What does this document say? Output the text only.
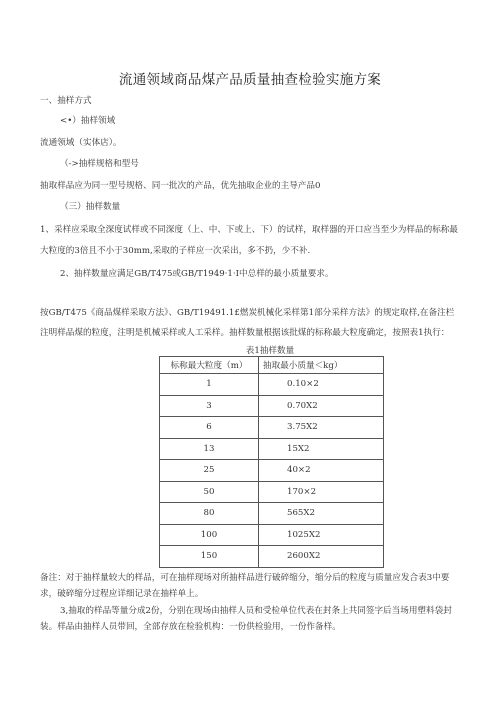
流通领域商品煤产品质量抽查检验实施方案
一、抽样方式
<•）抽样领域
流通领域（实体店）。
（->抽样规格和型号
抽取样品应为同一型号规格、同一批次的产品，优先抽取企业的主导产品0
（三）抽样数量
1、采样应采取全深度试样或不同深度（上、中、下或上、下）的试样，取样器的开口应当至少为样品的标称最大粒度的3倍且不小于30mm,采取的子样应一次采出，多不扔，少不补.
2、抽样数量应满足GB/T475或GB/T1949·1·Ⅰ中总样的最小质量要求。
按GB/T475《商品煤样采取方法》、GB/T19491.1£燃炭机械化采样第1部分采样方法》的规定取样,在备注栏注明样品煤的粒度，注明是机械采样或人工采样。抽样数量根据该批煤的标称最大粒度确定，按照表1执行：
表1抽样数量
标称最大粒度（m）	抽取最小质量＜kg）
1	0.10×2
3	0.70X2
6	3.75X2
13	15X2
25	40×2
50	170×2
80	565X2
100	1025X2
150	2600X2
备注：对于抽样量较大的样品，可在抽样现场对所抽样品进行破碎缩分，缩分后的粒度与质量应发合表3中要求，破碎缩分过程应详细记录在抽样单上。
3,抽取的样品等量分成2份，分别在现场由抽样人员和受检单位代表在封条上共同签字后当场用塑料袋封装。样品由抽样人员带回，全部存放在检验机构：一份供检验用，一份作备样。
